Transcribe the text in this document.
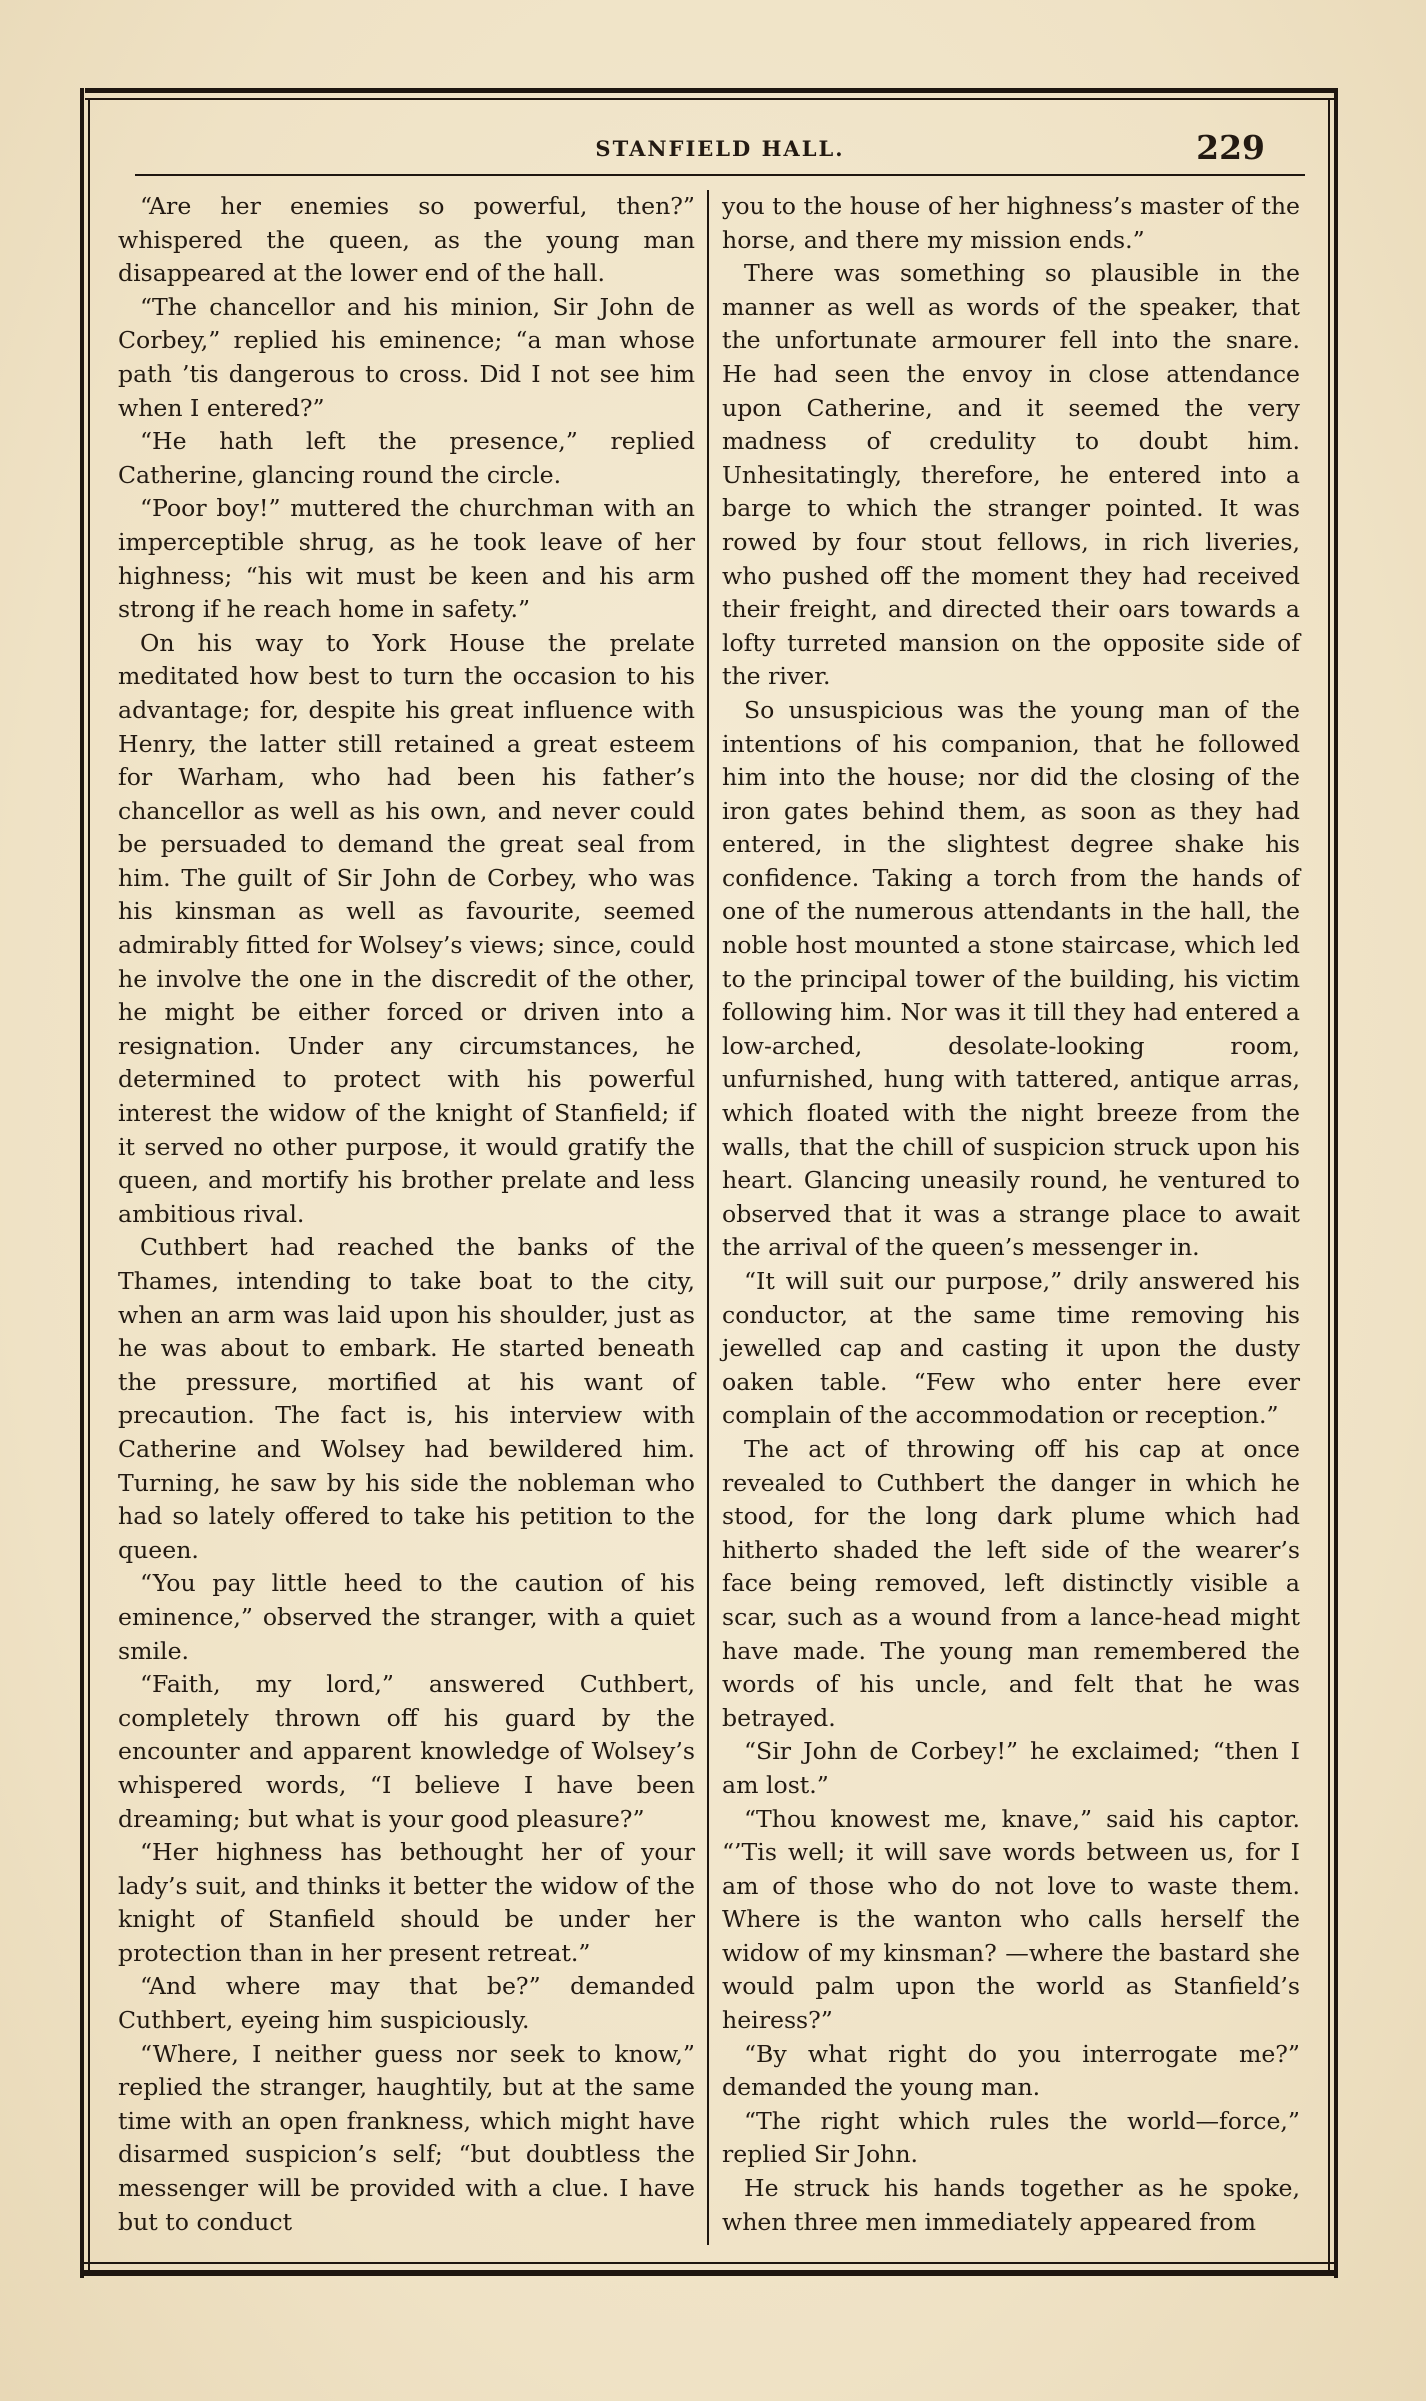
STANFIELD HALL.	229

“Are her enemies so powerful, then?” whispered the queen, as the young man disappeared at the lower end of the hall.

“The chancellor and his minion, Sir John de Corbey,” replied his eminence; “a man whose path ’tis dangerous to cross. Did I not see him when I entered?”

“He hath left the presence,” replied Catherine, glancing round the circle.

“Poor boy!” muttered the churchman with an imperceptible shrug, as he took leave of her highness; “his wit must be keen and his arm strong if he reach home in safety.”

On his way to York House the prelate meditated how best to turn the occasion to his advantage; for, despite his great influence with Henry, the latter still retained a great esteem for Warham, who had been his father’s chancellor as well as his own, and never could be persuaded to demand the great seal from him. The guilt of Sir John de Corbey, who was his kinsman as well as favourite, seemed admirably fitted for Wolsey’s views; since, could he involve the one in the discredit of the other, he might be either forced or driven into a resignation. Under any circumstances, he determined to protect with his powerful interest the widow of the knight of Stanfield; if it served no other purpose, it would gratify the queen, and mortify his brother prelate and less ambitious rival.

Cuthbert had reached the banks of the Thames, intending to take boat to the city, when an arm was laid upon his shoulder, just as he was about to embark. He started beneath the pressure, mortified at his want of precaution. The fact is, his interview with Catherine and Wolsey had bewildered him. Turning, he saw by his side the nobleman who had so lately offered to take his petition to the queen.

“You pay little heed to the caution of his eminence,” observed the stranger, with a quiet smile.

“Faith, my lord,” answered Cuthbert, completely thrown off his guard by the encounter and apparent knowledge of Wolsey’s whispered words, “I believe I have been dreaming; but what is your good pleasure?”

“Her highness has bethought her of your lady’s suit, and thinks it better the widow of the knight of Stanfield should be under her protection than in her present retreat.”

“And where may that be?” demanded Cuthbert, eyeing him suspiciously.

“Where, I neither guess nor seek to know,” replied the stranger, haughtily, but at the same time with an open frankness, which might have disarmed suspicion’s self; “but doubtless the messenger will be provided with a clue. I have but to conduct

you to the house of her highness’s master of the horse, and there my mission ends.”

There was something so plausible in the manner as well as words of the speaker, that the unfortunate armourer fell into the snare. He had seen the envoy in close attendance upon Catherine, and it seemed the very madness of credulity to doubt him. Unhesitatingly, therefore, he entered into a barge to which the stranger pointed. It was rowed by four stout fellows, in rich liveries, who pushed off the moment they had received their freight, and directed their oars towards a lofty turreted mansion on the opposite side of the river.

So unsuspicious was the young man of the intentions of his companion, that he followed him into the house; nor did the closing of the iron gates behind them, as soon as they had entered, in the slightest degree shake his confidence. Taking a torch from the hands of one of the numerous attendants in the hall, the noble host mounted a stone staircase, which led to the principal tower of the building, his victim following him. Nor was it till they had entered a low-arched, desolate-looking room, unfurnished, hung with tattered, antique arras, which floated with the night breeze from the walls, that the chill of suspicion struck upon his heart. Glancing uneasily round, he ventured to observed that it was a strange place to await the arrival of the queen’s messenger in.

“It will suit our purpose,” drily answered his conductor, at the same time removing his jewelled cap and casting it upon the dusty oaken table. “Few who enter here ever complain of the accommodation or reception.”

The act of throwing off his cap at once revealed to Cuthbert the danger in which he stood, for the long dark plume which had hitherto shaded the left side of the wearer’s face being removed, left distinctly visible a scar, such as a wound from a lance-head might have made. The young man remembered the words of his uncle, and felt that he was betrayed.

“Sir John de Corbey!” he exclaimed; “then I am lost.”

“Thou knowest me, knave,” said his captor. “’Tis well; it will save words between us, for I am of those who do not love to waste them. Where is the wanton who calls herself the widow of my kinsman? —where the bastard she would palm upon the world as Stanfield’s heiress?”

“By what right do you interrogate me?” demanded the young man.

“The right which rules the world—force,” replied Sir John.

He struck his hands together as he spoke, when three men immediately appeared from
